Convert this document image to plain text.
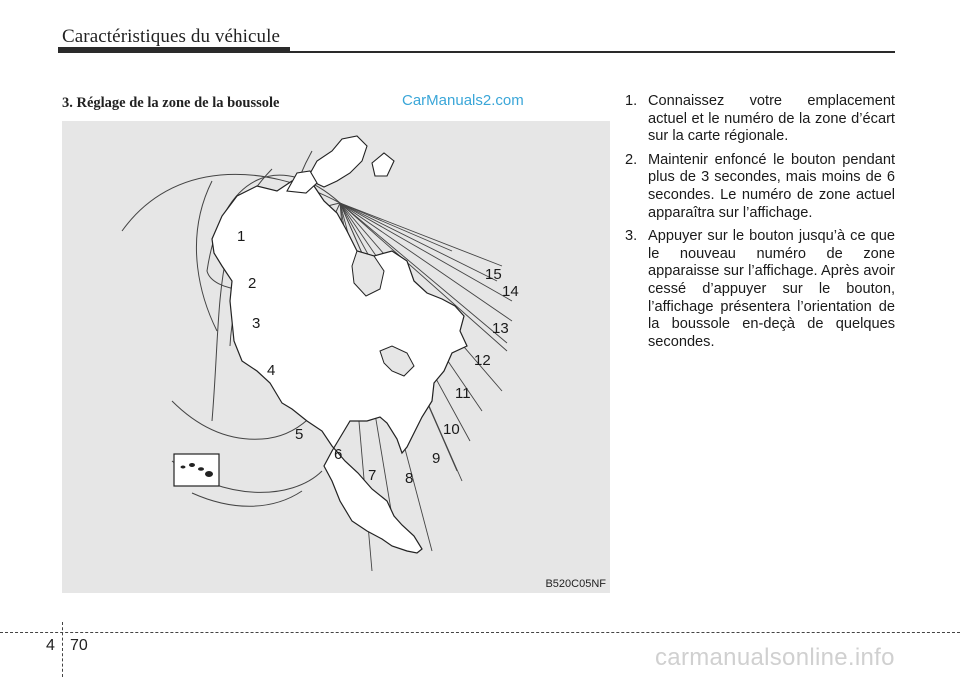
Caractéristiques du véhicule
3. Réglage de la zone de la boussole	CarManuals2.com
1
2
3
4
5
6
7 8
9
10
11
12
13
14
15
B520C05NF
1. Connaissez votre emplacement actuel et le numéro de la zone d’écart sur la carte régionale.
2. Maintenir enfoncé le bouton pendant plus de 3 secondes, mais moins de 6 secondes. Le numéro de zone actuel apparaîtra sur l’affichage.
3. Appuyer sur le bouton jusqu’à ce que le nouveau numéro de zone apparaisse sur l’affichage. Après avoir cessé d’appuyer sur le bouton, l’affichage présentera l’orientation de la boussole en-deçà de quelques secondes.
4 70	carmanualsonline.info
